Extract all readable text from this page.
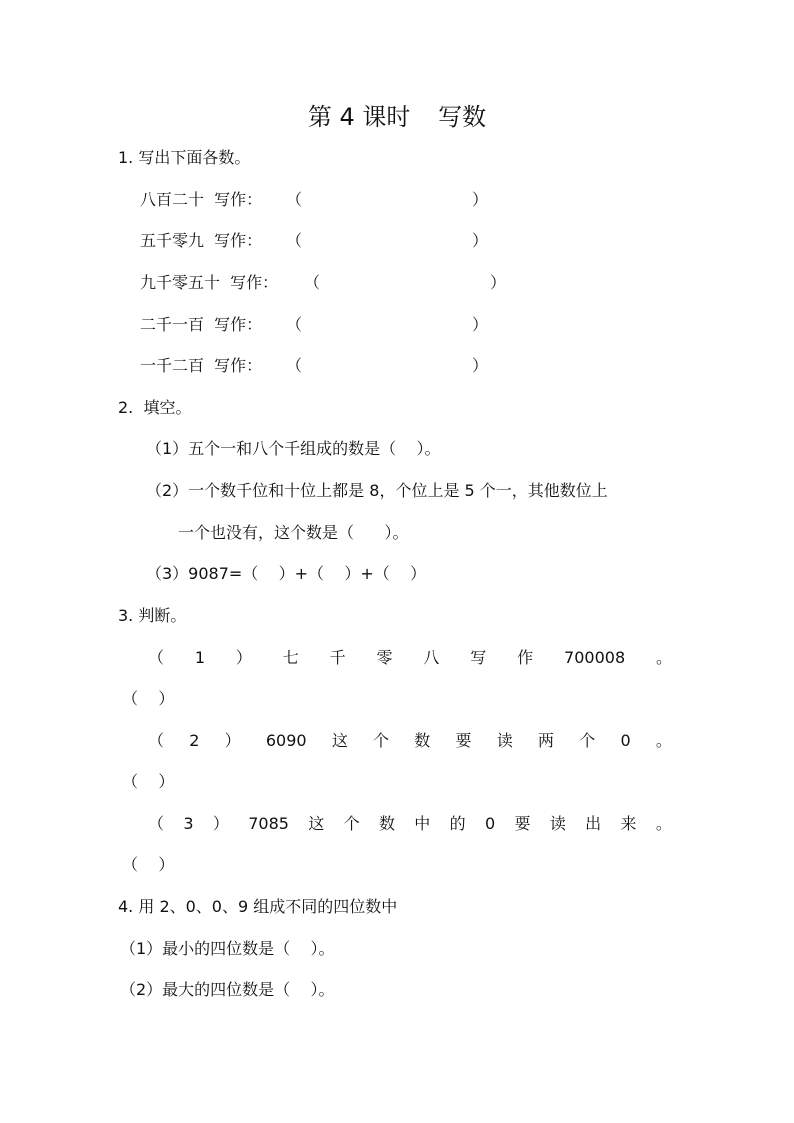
第 4 课时 写数
1. 写出下面各数。
八百二十  写作： （	）
五千零九  写作： （	）
九千零五十  写作： （	）
二千一百  写作： （	）
一千二百  写作： （	）
2.  填空。
（1）五个一和八个千组成的数是（    ）。
（2）一个数千位和十位上都是 8，个位上是 5 个一，其他数位上
一个也没有，这个数是（      ）。
（3）9087=（    ）+（    ）+（    ）
3. 判断。
（ 1 ） 七 千 零 八 写 作 700008 。
（    ）
（ 2 ） 6090 这 个 数 要 读 两 个 0 。
（    ）
（ 3 ） 7085 这 个 数 中 的 0 要 读 出 来 。
（    ）
4. 用 2、0、0、9 组成不同的四位数中
（1）最小的四位数是（    ）。
（2）最大的四位数是（    ）。
